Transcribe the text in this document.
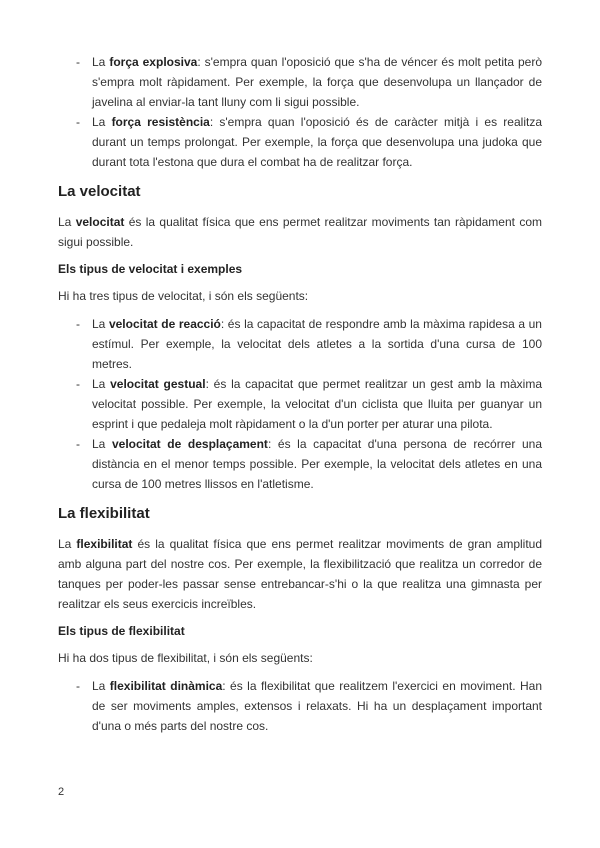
- La força explosiva: s'empra quan l'oposició que s'ha de véncer és molt petita però s'empra molt ràpidament. Per exemple, la força que desenvolupa un llançador de javelina al enviar-la tant lluny com li sigui possible.
- La força resistència: s'empra quan l'oposició és de caràcter mitjà i es realitza durant un temps prolongat. Per exemple, la força que desenvolupa una judoka que durant tota l'estona que dura el combat ha de realitzar força.
La velocitat

La velocitat és la qualitat física que ens permet realitzar moviments tan ràpidament com sigui possible.

Els tipus de velocitat i exemples

Hi ha tres tipus de velocitat, i són els següents:

- La velocitat de reacció: és la capacitat de respondre amb la màxima rapidesa a un estímul. Per exemple, la velocitat dels atletes a la sortida d'una cursa de 100 metres.
- La velocitat gestual: és la capacitat que permet realitzar un gest amb la màxima velocitat possible. Per exemple, la velocitat d'un ciclista que lluita per guanyar un esprint i que pedaleja molt ràpidament o la d'un porter per aturar una pilota.
- La velocitat de desplaçament: és la capacitat d'una persona de recórrer una distància en el menor temps possible. Per exemple, la velocitat dels atletes en una cursa de 100 metres llissos en l'atletisme.
La flexibilitat

La flexibilitat és la qualitat física que ens permet realitzar moviments de gran amplitud amb alguna part del nostre cos. Per exemple, la flexibilització que realitza un corredor de tanques per poder-les passar sense entrebancar-s'hi o la que realitza una gimnasta per realitzar els seus exercicis increïbles.

Els tipus de flexibilitat

Hi ha dos tipus de flexibilitat, i són els següents:

- La flexibilitat dinàmica: és la flexibilitat que realitzem l'exercici en moviment. Han de ser moviments amples, extensos i relaxats. Hi ha un desplaçament important d'una o més parts del nostre cos.
2
